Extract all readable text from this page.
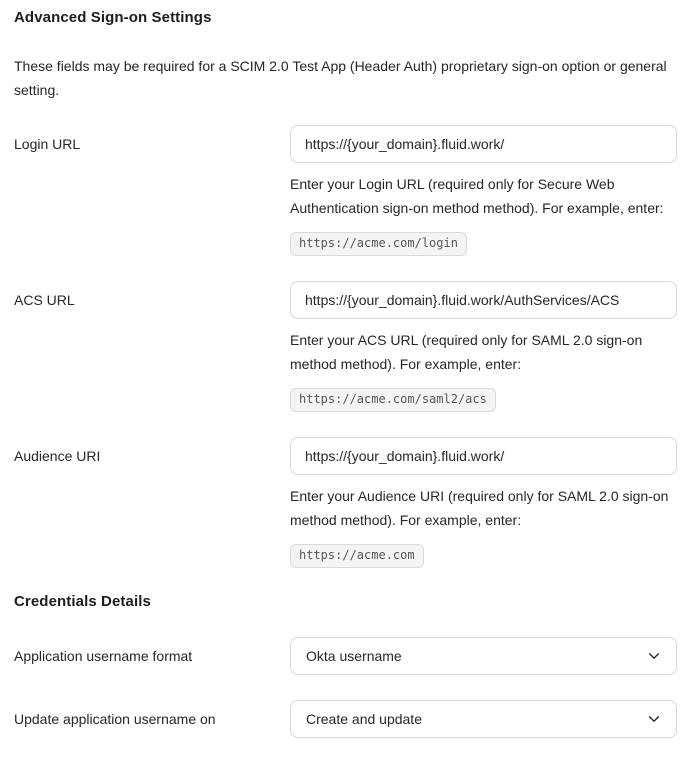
Advanced Sign-on Settings

These fields may be required for a SCIM 2.0 Test App (Header Auth) proprietary sign-on option or general setting.

Login URL
https://{your_domain}.fluid.work/

Enter your Login URL (required only for Secure Web Authentication sign-on method method). For example, enter:

https://acme.com/login
ACS URL
https://{your_domain}.fluid.work/AuthServices/ACS

Enter your ACS URL (required only for SAML 2.0 sign-on method method). For example, enter:

https://acme.com/saml2/acs
Audience URI
https://{your_domain}.fluid.work/

Enter your Audience URI (required only for SAML 2.0 sign-on method method). For example, enter:

https://acme.com
Credentials Details
Application username format	Okta username
Update application username on	Create and update
